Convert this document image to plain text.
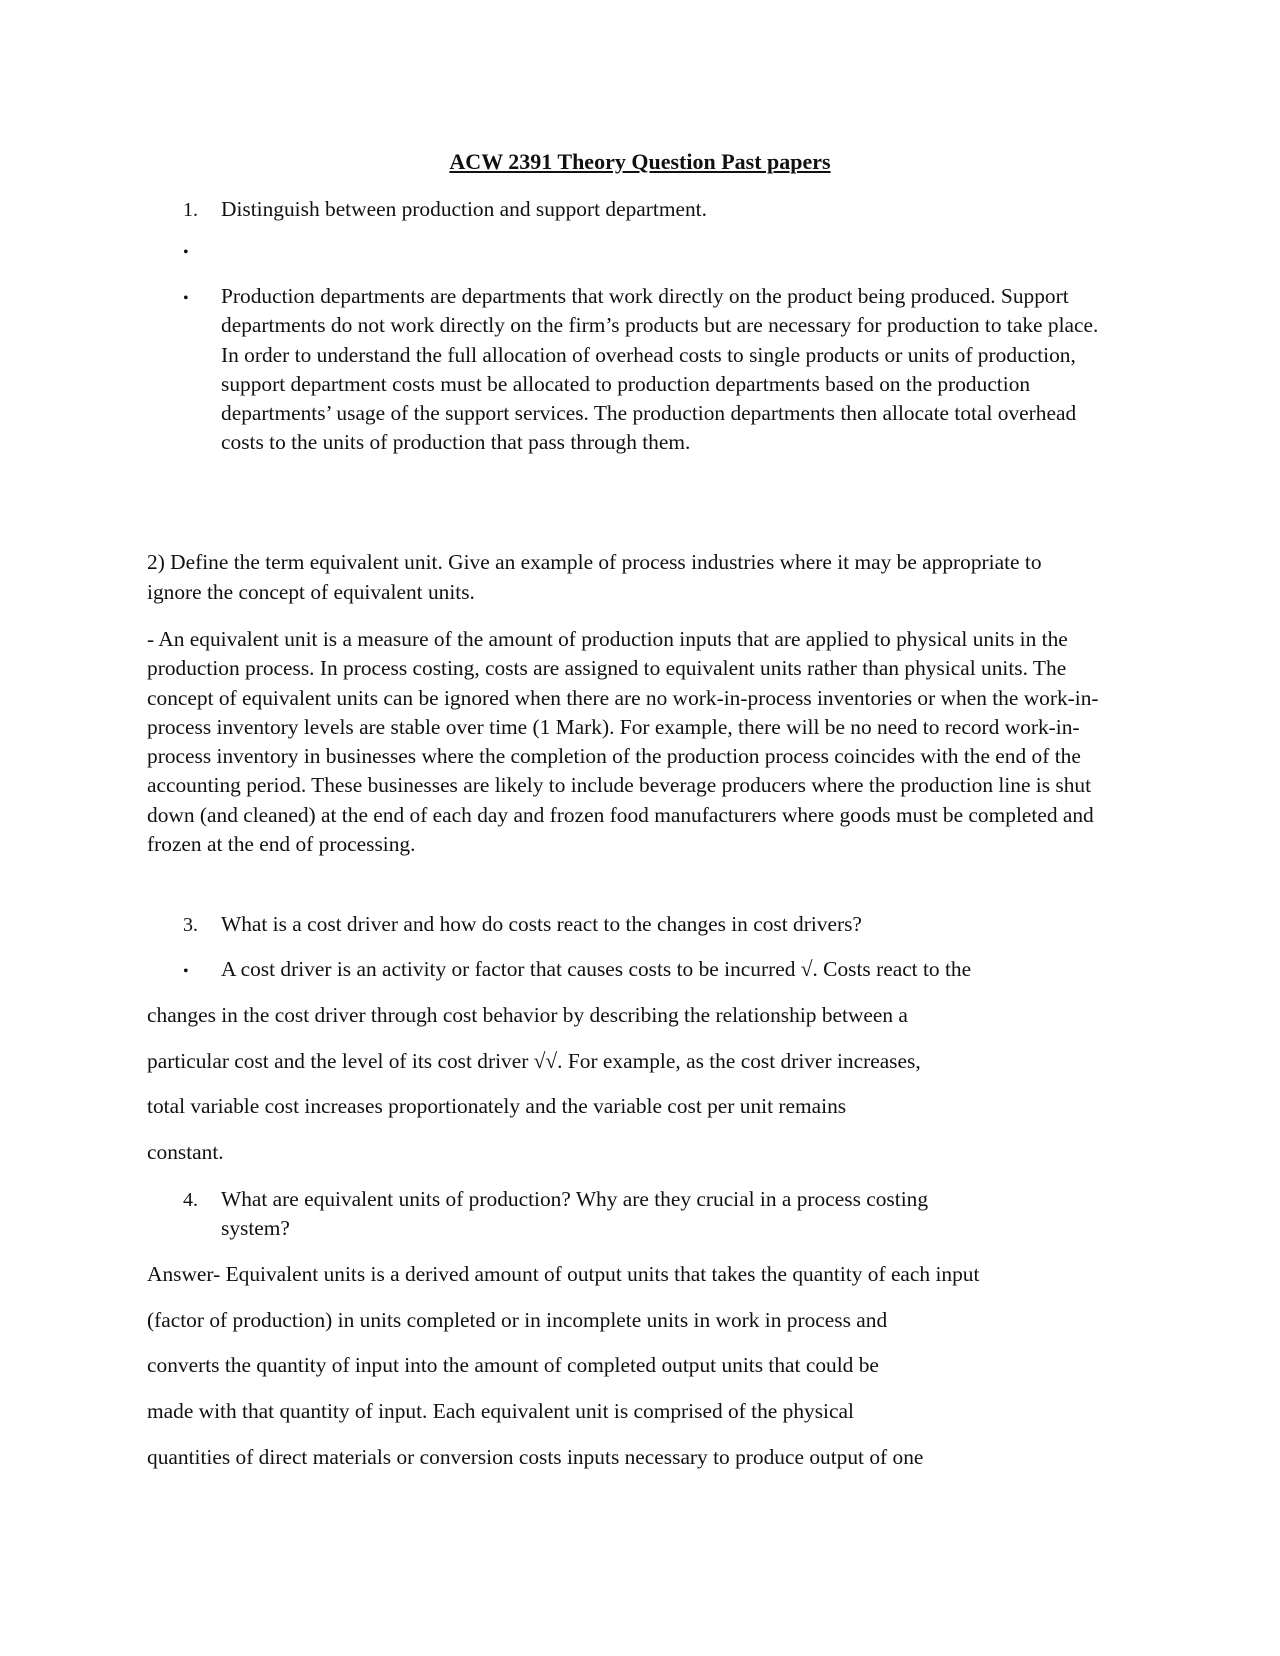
ACW 2391 Theory Question Past papers
1. Distinguish between production and support department.
•
• Production departments are departments that work directly on the product being produced. Support departments do not work directly on the firm’s products but are necessary for production to take place. In order to understand the full allocation of overhead costs to single products or units of production, support department costs must be allocated to production departments based on the production departments’ usage of the support services. The production departments then allocate total overhead costs to the units of production that pass through them.
2) Define the term equivalent unit. Give an example of process industries where it may be appropriate to ignore the concept of equivalent units.
- An equivalent unit is a measure of the amount of production inputs that are applied to physical units in the production process. In process costing, costs are assigned to equivalent units rather than physical units. The concept of equivalent units can be ignored when there are no work-in-process inventories or when the work-in-process inventory levels are stable over time (1 Mark). For example, there will be no need to record work-in-process inventory in businesses where the completion of the production process coincides with the end of the accounting period. These businesses are likely to include beverage producers where the production line is shut down (and cleaned) at the end of each day and frozen food manufacturers where goods must be completed and frozen at the end of processing.
3. What is a cost driver and how do costs react to the changes in cost drivers?
• A cost driver is an activity or factor that causes costs to be incurred √. Costs react to the
changes in the cost driver through cost behavior by describing the relationship between a
particular cost and the level of its cost driver √√. For example, as the cost driver increases,
total variable cost increases proportionately and the variable cost per unit remains
constant.
4. What are equivalent units of production? Why are they crucial in a process costing
system?
Answer- Equivalent units is a derived amount of output units that takes the quantity of each input
(factor of production) in units completed or in incomplete units in work in process and
converts the quantity of input into the amount of completed output units that could be
made with that quantity of input. Each equivalent unit is comprised of the physical
quantities of direct materials or conversion costs inputs necessary to produce output of one
